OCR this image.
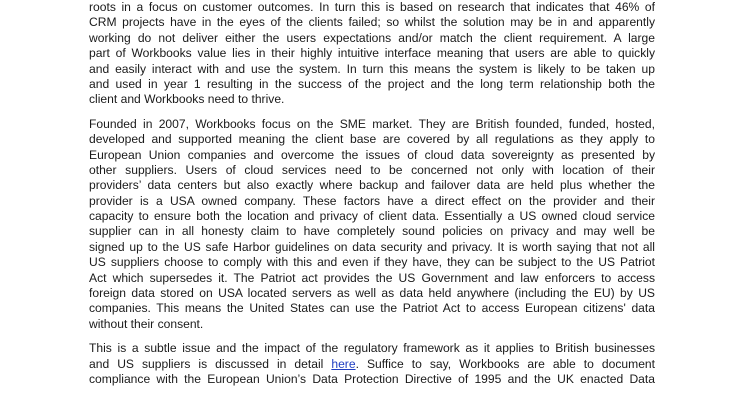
roots in a focus on customer outcomes. In turn this is based on research that indicates that 46% of
CRM projects have in the eyes of the clients failed; so whilst the solution may be in and apparently
working do not deliver either the users expectations and/or match the client requirement. A large
part of Workbooks value lies in their highly intuitive interface meaning that users are able to quickly
and easily interact with and use the system. In turn this means the system is likely to be taken up
and used in year 1 resulting in the success of the project and the long term relationship both the
client and Workbooks need to thrive.
Founded in 2007, Workbooks focus on the SME market. They are British founded, funded, hosted,
developed and supported meaning the client base are covered by all regulations as they apply to
European Union companies and overcome the issues of cloud data sovereignty as presented by
other suppliers. Users of cloud services need to be concerned not only with location of their
providers’ data centers but also exactly where backup and failover data are held plus whether the
provider is a USA owned company. These factors have a direct effect on the provider and their
capacity to ensure both the location and privacy of client data. Essentially a US owned cloud service
supplier can in all honesty claim to have completely sound policies on privacy and may well be
signed up to the US safe Harbor guidelines on data security and privacy. It is worth saying that not all
US suppliers choose to comply with this and even if they have, they can be subject to the US Patriot
Act which supersedes it. The Patriot act provides the US Government and law enforcers to access
foreign data stored on USA located servers as well as data held anywhere (including the EU) by US
companies. This means the United States can use the Patriot Act to access European citizens' data
without their consent.
This is a subtle issue and the impact of the regulatory framework as it applies to British businesses
and US suppliers is discussed in detail here. Suffice to say, Workbooks are able to document
compliance with the European Union’s Data Protection Directive of 1995 and the UK enacted Data
